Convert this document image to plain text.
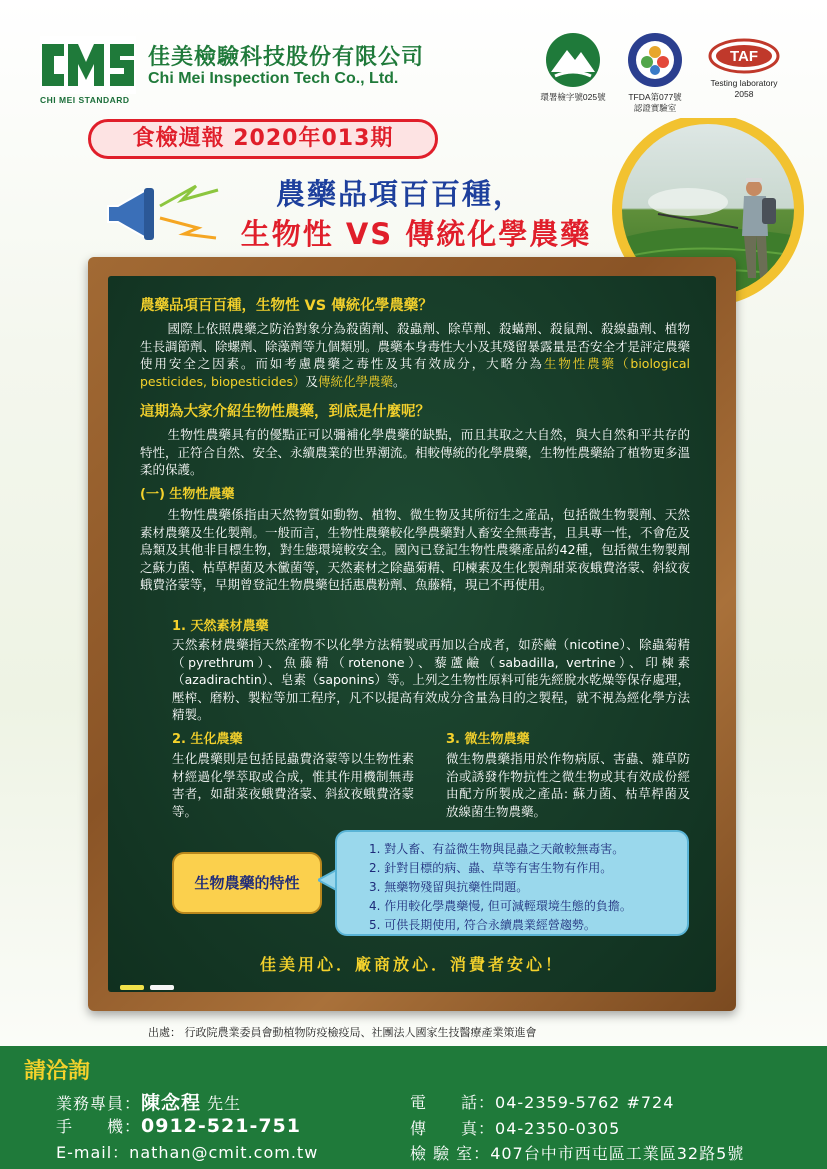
CHI MEI STANDARD
佳美檢驗科技股份有限公司
Chi Mei Inspection Tech Co., Ltd.
環署檢字號025號	TFDA第077號
認證實驗室
TAF
Testing laboratory
2058
食檢週報 2020年013期
農藥品項百百種，
生物性 VS 傳統化學農藥
農藥品項百百種，生物性 VS 傳統化學農藥？
國際上依照農藥之防治對象分為殺菌劑、殺蟲劑、除草劑、殺蟎劑、殺鼠劑、殺線蟲劑、植物生長調節劑、除螺劑、除藻劑等九個類別。農藥本身毒性大小及其殘留暴露量是否安全才是評定農藥使用安全之因素。而如考慮農藥之毒性及其有效成分，大略分為生物性農藥（biological pesticides, biopesticides）及傳統化學農藥。
這期為大家介紹生物性農藥，到底是什麼呢？
生物性農藥具有的優點正可以彌補化學農藥的缺點，而且其取之大自然，與大自然和平共存的特性，正符合自然、安全、永續農業的世界潮流。相較傳統的化學農藥，生物性農藥給了植物更多溫柔的保護。
(一) 生物性農藥
生物性農藥係指由天然物質如動物、植物、微生物及其所衍生之產品，包括微生物製劑、天然素材農藥及生化製劑。一般而言，生物性農藥較化學農藥對人畜安全無毒害，且具專一性，不會危及鳥類及其他非目標生物，對生態環境較安全。國內已登記生物性農藥產品約42種，包括微生物製劑之蘇力菌、枯草桿菌及木黴菌等，天然素材之除蟲菊精、印楝素及生化製劑甜菜夜蛾費洛蒙、斜紋夜蛾費洛蒙等，早期曾登記生物農藥包括惠農粉劑、魚藤精，現已不再使用。
1. 天然素材農藥
天然素材農藥指天然產物不以化學方法精製或再加以合成者，如菸鹼（nicotine）、除蟲菊精（pyrethrum）、魚藤精（rotenone）、藜蘆鹼（sabadilla, vertrine）、印楝素（azadirachtin）、皂素（saponins）等。上列之生物性原料可能先經脫水乾燥等保存處理，壓榨、磨粉、製粒等加工程序，凡不以提高有效成分含量為目的之製程，就不視為經化學方法精製。
2. 生化農藥
生化農藥則是包括昆蟲費洛蒙等以生物性素材經過化學萃取或合成，惟其作用機制無毒害者，如甜菜夜蛾費洛蒙、斜紋夜蛾費洛蒙等。
3. 微生物農藥
微生物農藥指用於作物病原、害蟲、雜草防治或誘發作物抗性之微生物或其有效成份經由配方所製成之產品: 蘇力菌、枯草桿菌及放線菌生物農藥。
生物農藥的特性
1. 對人畜、有益微生物與昆蟲之天敵較無毒害。
2. 針對目標的病、蟲、草等有害生物有作用。
3. 無藥物殘留與抗藥性問題。
4. 作用較化學農藥慢, 但可減輕環境生態的負擔。
5. 可供長期使用, 符合永續農業經營趨勢。
佳美用心．廠商放心．消費者安心！
出處： 行政院農業委員會動植物防疫檢疫局、社團法人國家生技醫療產業策進會
請洽詢
業務專員：陳念程 先生
手　　機：0912-521-751
E-mail：nathan@cmit.com.tw
電　　話：04-2359-5762 #724
傳　　真：04-2350-0305
檢 驗 室：407台中市西屯區工業區32路5號
